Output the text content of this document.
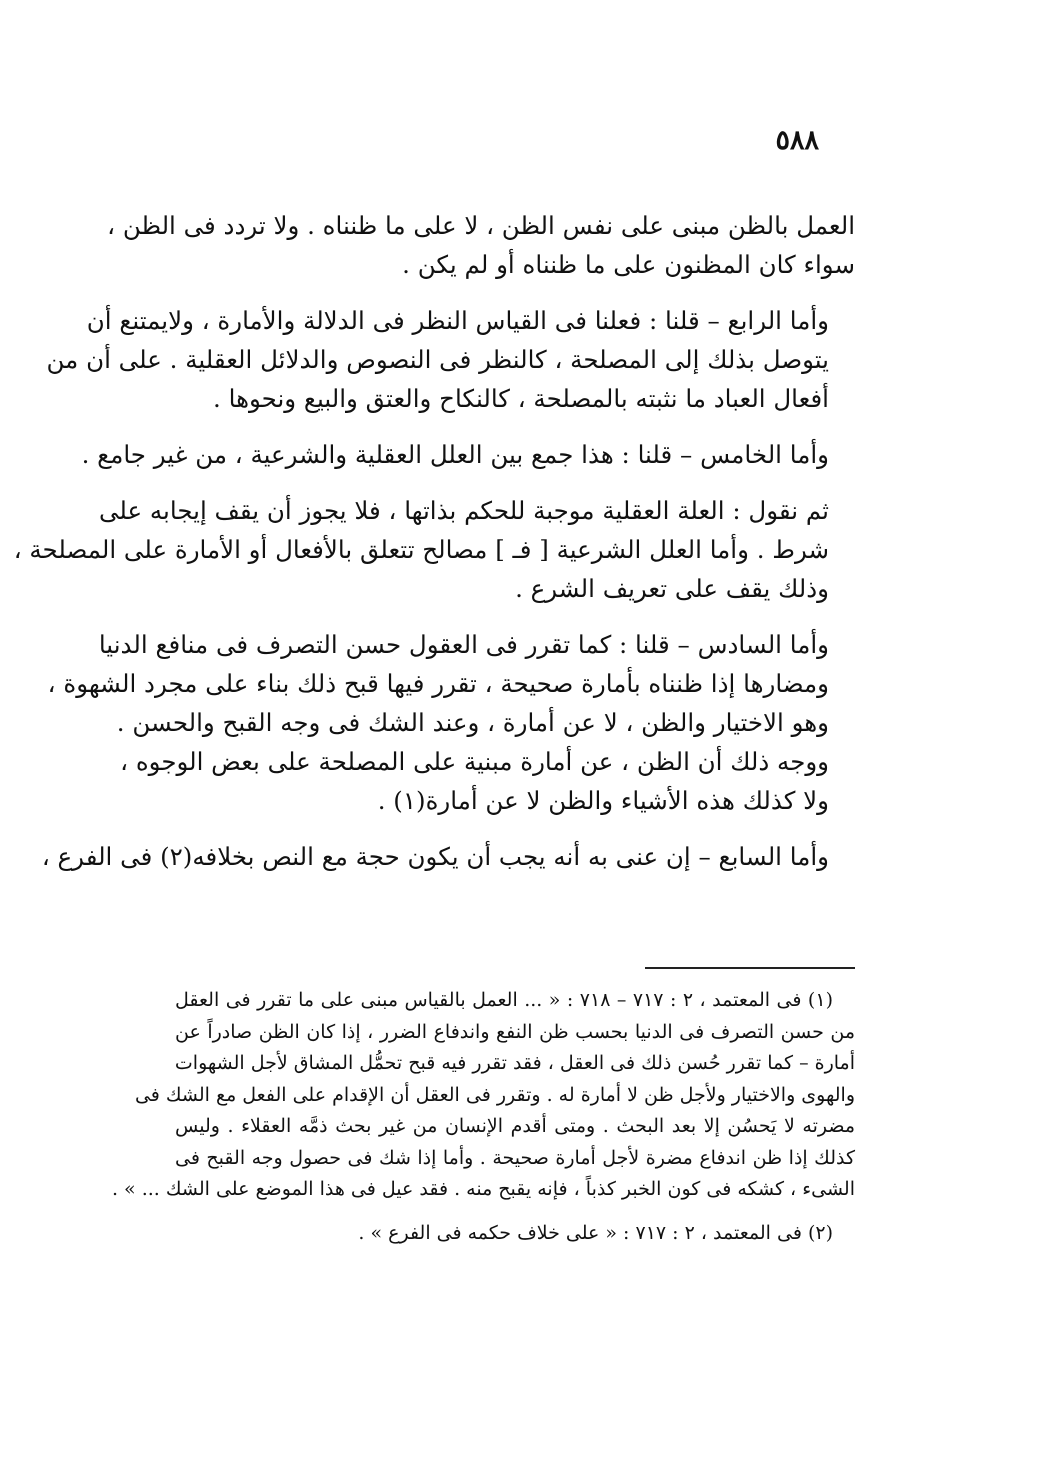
٥٨٨

العمل بالظن مبنى على نفس الظن ، لا على ما ظنناه . ولا تردد فى الظن ،
سواء كان المظنون على ما ظنناه أو لم يكن .

وأما الرابع – قلنا : فعلنا فى القياس النظر فى الدلالة والأمارة ، ولايمتنع أن
يتوصل بذلك إلى المصلحة ، كالنظر فى النصوص والدلائل العقلية . على أن من
أفعال العباد ما نثبته بالمصلحة ، كالنكاح والعتق والبيع ونحوها .

وأما الخامس – قلنا : هذا جمع بين العلل العقلية والشرعية ، من غير جامع .

ثم نقول : العلة العقلية موجبة للحكم بذاتها ، فلا يجوز أن يقف إيجابه على
شرط . وأما العلل الشرعية [ فـ ] مصالح تتعلق بالأفعال أو الأمارة على المصلحة ،
وذلك يقف على تعريف الشرع .

وأما السادس – قلنا : كما تقرر فى العقول حسن التصرف فى منافع الدنيا
ومضارها إذا ظنناه بأمارة صحيحة ، تقرر فيها قبح ذلك بناء على مجرد الشهوة ،
وهو الاختيار والظن ، لا عن أمارة ، وعند الشك فى وجه القبح والحسن .
ووجه ذلك أن الظن ، عن أمارة مبنية على المصلحة على بعض الوجوه ،
ولا كذلك هذه الأشياء والظن لا عن أمارة(١) .

وأما السابع – إن عنى به أنه يجب أن يكون حجة مع النص بخلافه(٢) فى الفرع ،

(١) فى المعتمد ، ٢ : ٧١٧ – ٧١٨ : « ... العمل بالقياس مبنى على ما تقرر فى العقل
من حسن التصرف فى الدنيا بحسب ظن النفع واندفاع الضرر ، إذا كان الظن صادراً عن
أمارة – كما تقرر حُسن ذلك فى العقل ، فقد تقرر فيه قبح تحمُّل المشاق لأجل الشهوات
والهوى والاختيار ولأجل ظن لا أمارة له . وتقرر فى العقل أن الإقدام على الفعل مع الشك فى
مضرته لا يَحسُن إلا بعد البحث . ومتى أقدم الإنسان من غير بحث ذمَّه العقلاء . وليس
كذلك إذا ظن اندفاع مضرة لأجل أمارة صحيحة . وأما إذا شك فى حصول وجه القبح فى
الشىء ، كشكه فى كون الخبر كذباً ، فإنه يقبح منه . فقد عيل فى هذا الموضع على الشك ... » .

(٢) فى المعتمد ، ٢ : ٧١٧ : « على خلاف حكمه فى الفرع » .
